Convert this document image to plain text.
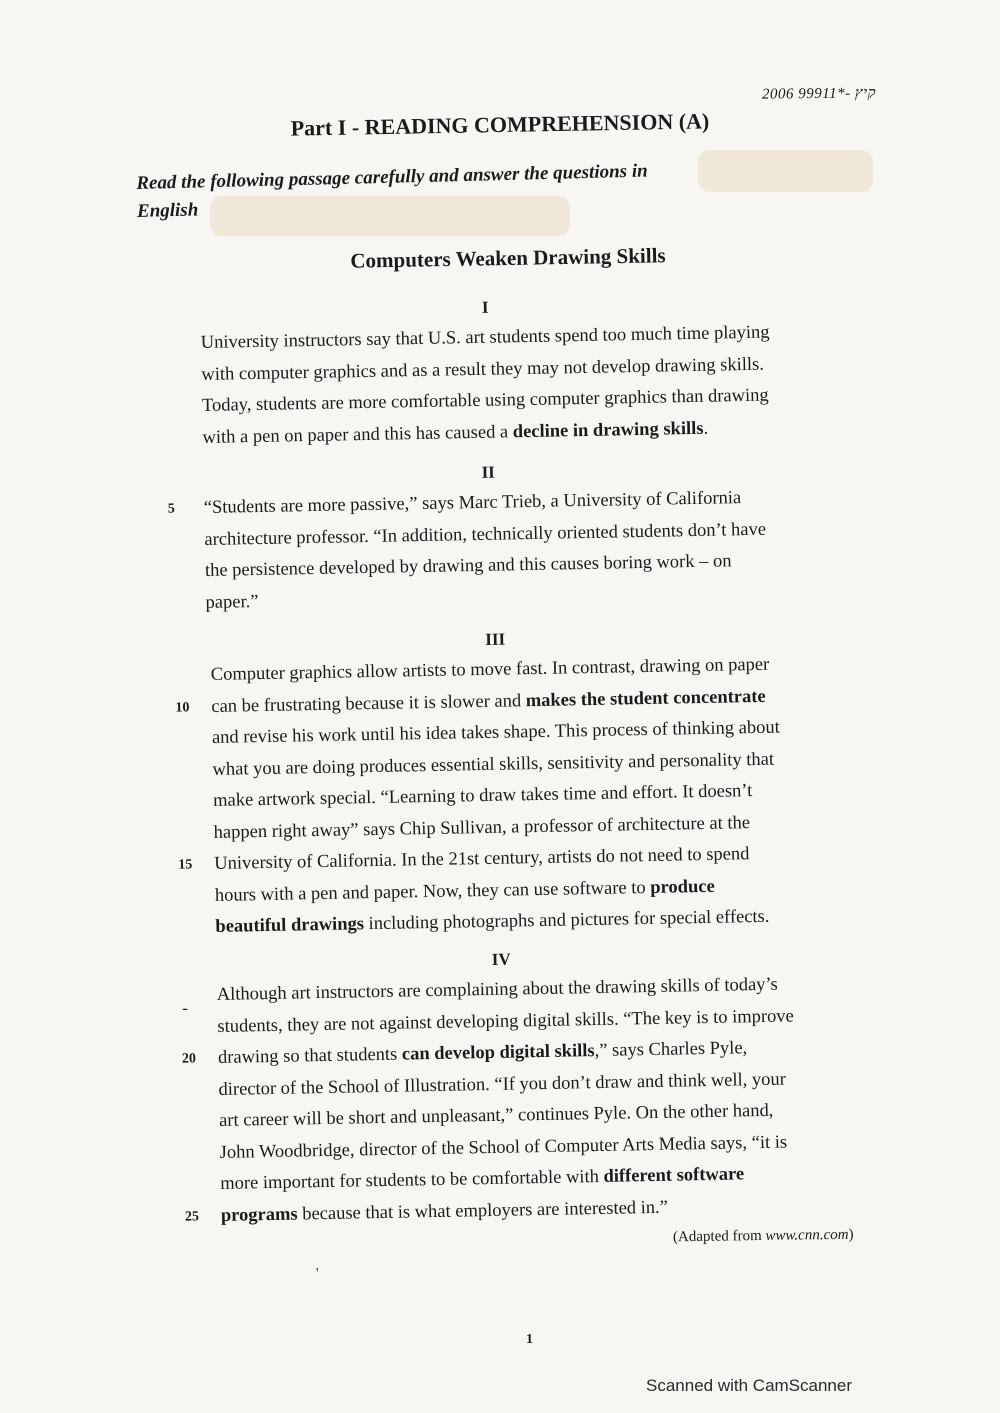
2006 קיץ -*99911
Part I - READING COMPREHENSION (A)
Read the following passage carefully and answer the questions in
English
Computers Weaken Drawing Skills
I
University instructors say that U.S. art students spend too much time playing
with computer graphics and as a result they may not develop drawing skills.
Today, students are more comfortable using computer graphics than drawing
with a pen on paper and this has caused a decline in drawing skills.
II
5	“Students are more passive,” says Marc Trieb, a University of California
architecture professor. “In addition, technically oriented students don’t have
the persistence developed by drawing and this causes boring work – on
paper.”
III
Computer graphics allow artists to move fast. In contrast, drawing on paper
10	can be frustrating because it is slower and makes the student concentrate
and revise his work until his idea takes shape. This process of thinking about
what you are doing produces essential skills, sensitivity and personality that
make artwork special. “Learning to draw takes time and effort. It doesn’t
happen right away” says Chip Sullivan, a professor of architecture at the
15	University of California. In the 21st century, artists do not need to spend
hours with a pen and paper. Now, they can use software to produce
beautiful drawings including photographs and pictures for special effects.
IV
Although art instructors are complaining about the drawing skills of today’s
students, they are not against developing digital skills. “The key is to improve
20	drawing so that students can develop digital skills,” says Charles Pyle,
director of the School of Illustration. “If you don’t draw and think well, your
art career will be short and unpleasant,” continues Pyle. On the other hand,
John Woodbridge, director of the School of Computer Arts Media says, “it is
more important for students to be comfortable with different software
25	programs because that is what employers are interested in.”
(Adapted from www.cnn.com)
1
ـ
'
Scanned with CamScanner
